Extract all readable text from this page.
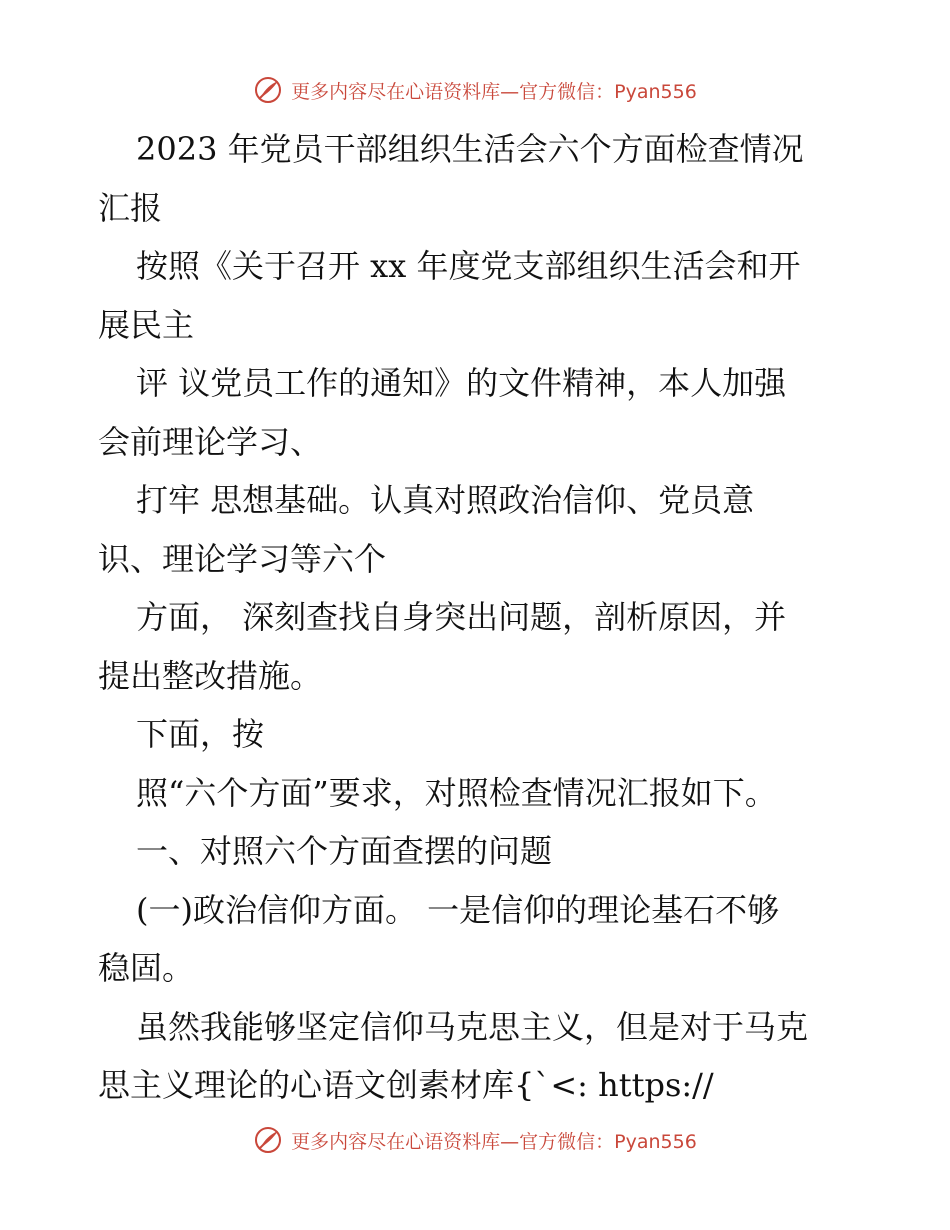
更多内容尽在心语资料库—官方微信：Pyan556
2023 年党员干部组织生活会六个方面检查情况
汇报
按照《关于召开 xx 年度党支部组织生活会和开
展民主
评 议党员工作的通知》的文件精神，本人加强
会前理论学习、
打牢 思想基础。认真对照政治信仰、党员意
识、理论学习等六个
方面， 深刻查找自身突出问题，剖析原因，并
提出整改措施。
下面，按
照“六个方面”要求，对照检查情况汇报如下。
一、对照六个方面查摆的问题
(一)政治信仰方面。 一是信仰的理论基石不够
稳固。
虽然我能够坚定信仰马克思主义，但是对于马克
思主义理论的心语文创素材库{`<: https://
更多内容尽在心语资料库—官方微信：Pyan556
